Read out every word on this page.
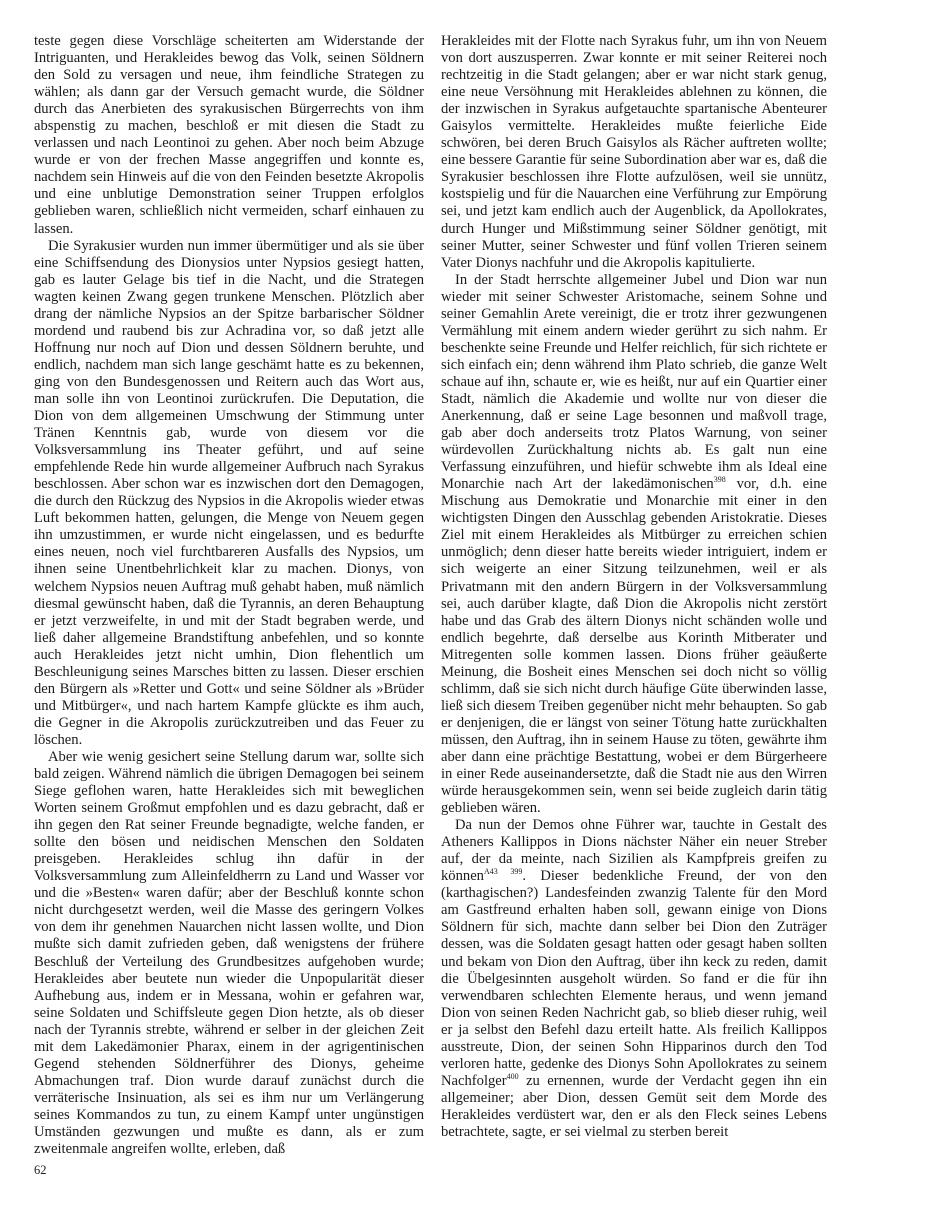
teste gegen diese Vorschläge scheiterten am Widerstande der Intriguanten, und Herakleides bewog das Volk, seinen Söldnern den Sold zu versagen und neue, ihm feindliche Strategen zu wählen; als dann gar der Versuch gemacht wurde, die Söldner durch das Anerbieten des syrakusischen Bürgerrechts von ihm abspenstig zu machen, beschloß er mit diesen die Stadt zu verlassen und nach Leontinoi zu gehen. Aber noch beim Abzuge wurde er von der frechen Masse angegriffen und konnte es, nachdem sein Hinweis auf die von den Feinden besetzte Akropolis und eine unblutige Demonstration seiner Truppen erfolglos geblieben waren, schließlich nicht vermeiden, scharf einhauen zu lassen.

Die Syrakusier wurden nun immer übermütiger und als sie über eine Schiffsendung des Dionysios unter Nypsios gesiegt hatten, gab es lauter Gelage bis tief in die Nacht, und die Strategen wagten keinen Zwang gegen trunkene Menschen. Plötzlich aber drang der nämliche Nypsios an der Spitze barbarischer Söldner mordend und raubend bis zur Achradina vor, so daß jetzt alle Hoffnung nur noch auf Dion und dessen Söldnern beruhte, und endlich, nachdem man sich lange geschämt hatte es zu bekennen, ging von den Bundesgenossen und Reitern auch das Wort aus, man solle ihn von Leontinoi zurückrufen. Die Deputation, die Dion von dem allgemeinen Umschwung der Stimmung unter Tränen Kenntnis gab, wurde von diesem vor die Volksversammlung ins Theater geführt, und auf seine empfehlende Rede hin wurde allgemeiner Aufbruch nach Syrakus beschlossen. Aber schon war es inzwischen dort den Demagogen, die durch den Rückzug des Nypsios in die Akropolis wieder etwas Luft bekommen hatten, gelungen, die Menge von Neuem gegen ihn umzustimmen, er wurde nicht eingelassen, und es bedurfte eines neuen, noch viel furchtbareren Ausfalls des Nypsios, um ihnen seine Unentbehrlichkeit klar zu machen. Dionys, von welchem Nypsios neuen Auftrag muß gehabt haben, muß nämlich diesmal gewünscht haben, daß die Tyrannis, an deren Behauptung er jetzt verzweifelte, in und mit der Stadt begraben werde, und ließ daher allgemeine Brandstiftung anbefehlen, und so konnte auch Herakleides jetzt nicht umhin, Dion flehentlich um Beschleunigung seines Marsches bitten zu lassen. Dieser erschien den Bürgern als »Retter und Gott« und seine Söldner als »Brüder und Mitbürger«, und nach hartem Kampfe glückte es ihm auch, die Gegner in die Akropolis zurückzutreiben und das Feuer zu löschen.

Aber wie wenig gesichert seine Stellung darum war, sollte sich bald zeigen. Während nämlich die übrigen Demagogen bei seinem Siege geflohen waren, hatte Herakleides sich mit beweglichen Worten seinem Großmut empfohlen und es dazu gebracht, daß er ihn gegen den Rat seiner Freunde begnadigte, welche fanden, er sollte den bösen und neidischen Menschen den Soldaten preisgeben. Herakleides schlug ihn dafür in der Volksversammlung zum Alleinfeldherrn zu Land und Wasser vor und die »Besten« waren dafür; aber der Beschluß konnte schon nicht durchgesetzt werden, weil die Masse des geringern Volkes von dem ihr genehmen Nauarchen nicht lassen wollte, und Dion mußte sich damit zufrieden geben, daß wenigstens der frühere Beschluß der Verteilung des Grundbesitzes aufgehoben wurde; Herakleides aber beutete nun wieder die Unpopularität dieser Aufhebung aus, indem er in Messana, wohin er gefahren war, seine Soldaten und Schiffsleute gegen Dion hetzte, als ob dieser nach der Tyrannis strebte, während er selber in der gleichen Zeit mit dem Lakedämonier Pharax, einem in der agrigentinischen Gegend stehenden Söldnerführer des Dionys, geheime Abmachungen traf. Dion wurde darauf zunächst durch die verräterische Insinuation, als sei es ihm nur um Verlängerung seines Kommandos zu tun, zu einem Kampf unter ungünstigen Umständen gezwungen und mußte es dann, als er zum zweitenmale angreifen wollte, erleben, daß

Herakleides mit der Flotte nach Syrakus fuhr, um ihn von Neuem von dort auszusperren. Zwar konnte er mit seiner Reiterei noch rechtzeitig in die Stadt gelangen; aber er war nicht stark genug, eine neue Versöhnung mit Herakleides ablehnen zu können, die der inzwischen in Syrakus aufgetauchte spartanische Abenteurer Gaisylos vermittelte. Herakleides mußte feierliche Eide schwören, bei deren Bruch Gaisylos als Rächer auftreten wollte; eine bessere Garantie für seine Subordination aber war es, daß die Syrakusier beschlossen ihre Flotte aufzulösen, weil sie unnütz, kostspielig und für die Nauarchen eine Verführung zur Empörung sei, und jetzt kam endlich auch der Augenblick, da Apollokrates, durch Hunger und Mißstimmung seiner Söldner genötigt, mit seiner Mutter, seiner Schwester und fünf vollen Trieren seinem Vater Dionys nachfuhr und die Akropolis kapitulierte.

In der Stadt herrschte allgemeiner Jubel und Dion war nun wieder mit seiner Schwester Aristomache, seinem Sohne und seiner Gemahlin Arete vereinigt, die er trotz ihrer gezwungenen Vermählung mit einem andern wieder gerührt zu sich nahm. Er beschenkte seine Freunde und Helfer reichlich, für sich richtete er sich einfach ein; denn während ihm Plato schrieb, die ganze Welt schaue auf ihn, schaute er, wie es heißt, nur auf ein Quartier einer Stadt, nämlich die Akademie und wollte nur von dieser die Anerkennung, daß er seine Lage besonnen und maßvoll trage, gab aber doch anderseits trotz Platos Warnung, von seiner würdevollen Zurückhaltung nichts ab. Es galt nun eine Verfassung einzuführen, und hiefür schwebte ihm als Ideal eine Monarchie nach Art der lakedämonischen$^{398}$ vor, d.h. eine Mischung aus Demokratie und Monarchie mit einer in den wichtigsten Dingen den Ausschlag gebenden Aristokratie. Dieses Ziel mit einem Herakleides als Mitbürger zu erreichen schien unmöglich; denn dieser hatte bereits wieder intriguiert, indem er sich weigerte an einer Sitzung teilzunehmen, weil er als Privatmann mit den andern Bürgern in der Volksversammlung sei, auch darüber klagte, daß Dion die Akropolis nicht zerstört habe und das Grab des ältern Dionys nicht schänden wolle und endlich begehrte, daß derselbe aus Korinth Mitberater und Mitregenten solle kommen lassen. Dions früher geäußerte Meinung, die Bosheit eines Menschen sei doch nicht so völlig schlimm, daß sie sich nicht durch häufige Güte überwinden lasse, ließ sich diesem Treiben gegenüber nicht mehr behaupten. So gab er denjenigen, die er längst von seiner Tötung hatte zurückhalten müssen, den Auftrag, ihn in seinem Hause zu töten, gewährte ihm aber dann eine prächtige Bestattung, wobei er dem Bürgerheere in einer Rede auseinandersetzte, daß die Stadt nie aus den Wirren würde herausgekommen sein, wenn sei beide zugleich darin tätig geblieben wären.

Da nun der Demos ohne Führer war, tauchte in Gestalt des Atheners Kallippos in Dions nächster Näher ein neuer Streber auf, der da meinte, nach Sizilien als Kampfpreis greifen zu können$^{A43 399}$. Dieser bedenkliche Freund, der von den (karthagischen?) Landesfeinden zwanzig Talente für den Mord am Gastfreund erhalten haben soll, gewann einige von Dions Söldnern für sich, machte dann selber bei Dion den Zuträger dessen, was die Soldaten gesagt hatten oder gesagt haben sollten und bekam von Dion den Auftrag, über ihn keck zu reden, damit die Übelgesinnten ausgeholt würden. So fand er die für ihn verwendbaren schlechten Elemente heraus, und wenn jemand Dion von seinen Reden Nachricht gab, so blieb dieser ruhig, weil er ja selbst den Befehl dazu erteilt hatte. Als freilich Kallippos ausstreute, Dion, der seinen Sohn Hipparinos durch den Tod verloren hatte, gedenke des Dionys Sohn Apollokrates zu seinem Nachfolger$^{400}$ zu ernennen, wurde der Verdacht gegen ihn ein allgemeiner; aber Dion, dessen Gemüt seit dem Morde des Herakleides verdüstert war, den er als den Fleck seines Lebens betrachtete, sagte, er sei vielmal zu sterben bereit

62
